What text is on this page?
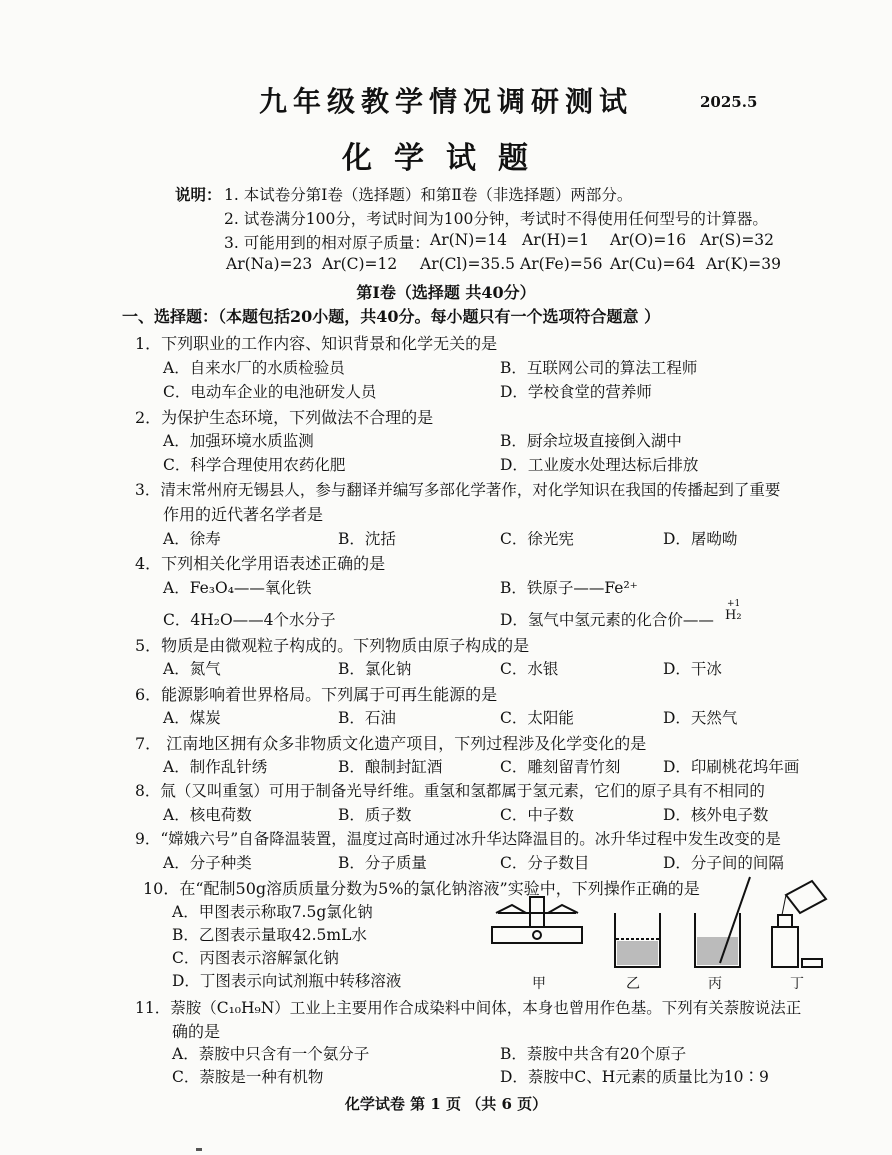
九年级教学情况调研测试	2025.5
化学试题
说明： 1. 本试卷分第Ⅰ卷（选择题）和第Ⅱ卷（非选择题）两部分。
2. 试卷满分100分，考试时间为100分钟，考试时不得使用任何型号的计算器。
3. 可能用到的相对原子质量： Ar(N)=14 Ar(H)=1 Ar(O)=16 Ar(S)=32
Ar(Na)=23 Ar(C)=12 Ar(Cl)=35.5 Ar(Fe)=56 Ar(Cu)=64 Ar(K)=39
第Ⅰ卷（选择题 共40分）
一、选择题：（本题包括20小题，共40分。每小题只有一个选项符合题意 ）
1．下列职业的工作内容、知识背景和化学无关的是
A．自来水厂的水质检验员	B．互联网公司的算法工程师
C．电动车企业的电池研发人员	D．学校食堂的营养师
2．为保护生态环境，下列做法不合理的是
A．加强环境水质监测	B．厨余垃圾直接倒入湖中
C．科学合理使用农药化肥	D．工业废水处理达标后排放
3．清末常州府无锡县人，参与翻译并编写多部化学著作，对化学知识在我国的传播起到了重要
作用的近代著名学者是
A．徐寿	B．沈括	C．徐光宪	D．屠呦呦
4．下列相关化学用语表述正确的是
A．Fe₃O₄——氧化铁	B．铁原子——Fe²⁺
C．4H₂O——4个水分子	D．氢气中氢元素的化合价——
+1
H₂
5．物质是由微观粒子构成的。下列物质由原子构成的是
A．氮气	B．氯化钠	C．水银	D．干冰
6．能源影响着世界格局。下列属于可再生能源的是
A．煤炭	B．石油	C．太阳能	D．天然气
7． 江南地区拥有众多非物质文化遗产项目，下列过程涉及化学变化的是
A．制作乱针绣	B．酿制封缸酒	C．雕刻留青竹刻	D．印刷桃花坞年画
8．氚（又叫重氢）可用于制备光导纤维。重氢和氢都属于氢元素，它们的原子具有不相同的
A．核电荷数	B．质子数	C．中子数	D．核外电子数
9．“嫦娥六号”自备降温装置，温度过高时通过冰升华达降温目的。冰升华过程中发生改变的是
A．分子种类	B．分子质量	C．分子数目	D．分子间的间隔
10．在“配制50g溶质质量分数为5%的氯化钠溶液”实验中，下列操作正确的是
A．甲图表示称取7.5g氯化钠
B．乙图表示量取42.5mL水
C．丙图表示溶解氯化钠
D．丁图表示向试剂瓶中转移溶液	甲	乙	丙	丁
11．萘胺（C₁₀H₉N）工业上主要用作合成染料中间体，本身也曾用作色基。下列有关萘胺说法正
确的是
A．萘胺中只含有一个氨分子	B．萘胺中共含有20个原子
C．萘胺是一种有机物	D．萘胺中C、H元素的质量比为10∶9
化学试卷 第 1 页 （共 6 页）
